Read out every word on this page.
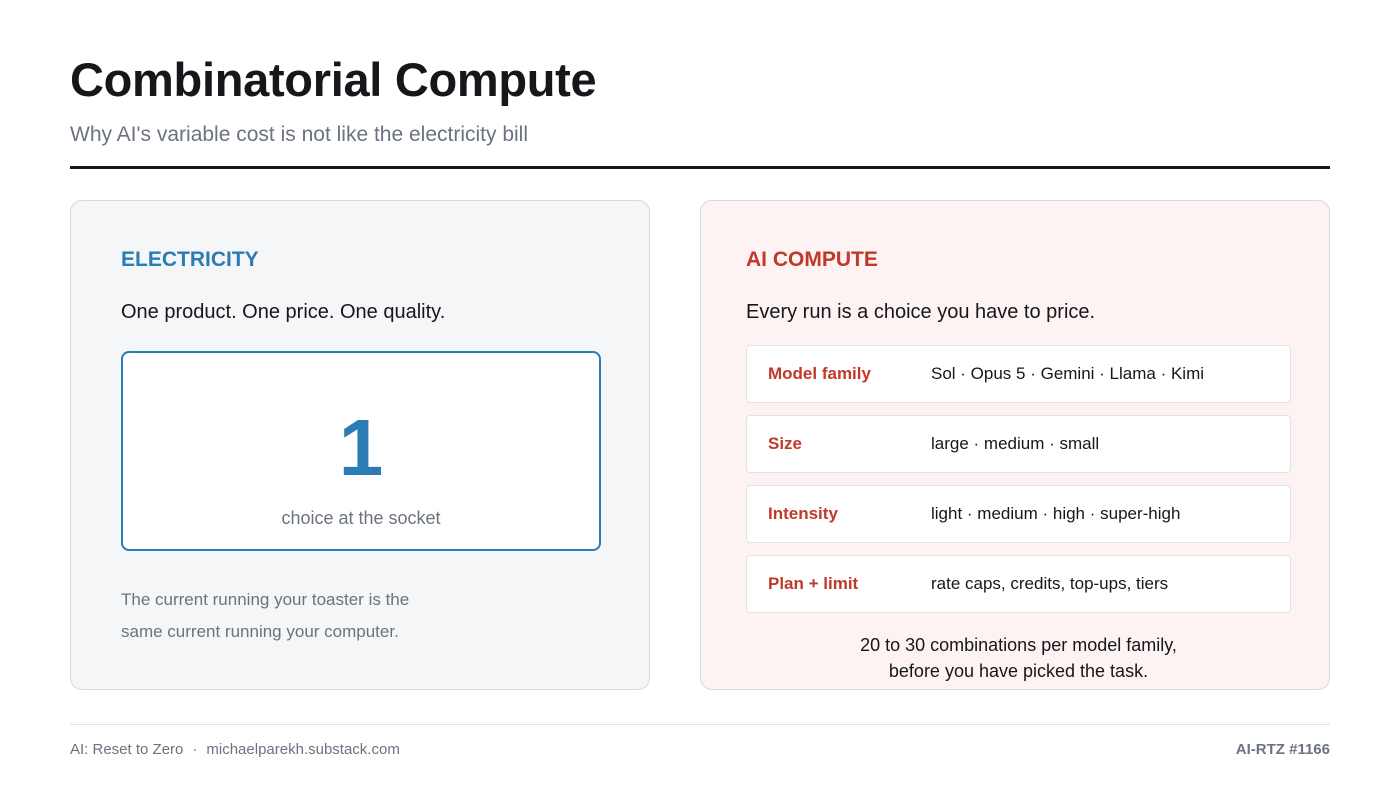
Combinatorial Compute
Why AI's variable cost is not like the electricity bill
ELECTRICITY
One product. One price. One quality.
1
choice at the socket
The current running your toaster is the
same current running your computer.
AI COMPUTE
Every run is a choice you have to price.
Model family	Sol · Opus 5 · Gemini · Llama · Kimi
Size	large · medium · small
Intensity	light · medium · high · super-high
Plan + limit	rate caps, credits, top-ups, tiers
20 to 30 combinations per model family,
before you have picked the task.
AI: Reset to Zero · michaelparekh.substack.com	AI-RTZ #1166
